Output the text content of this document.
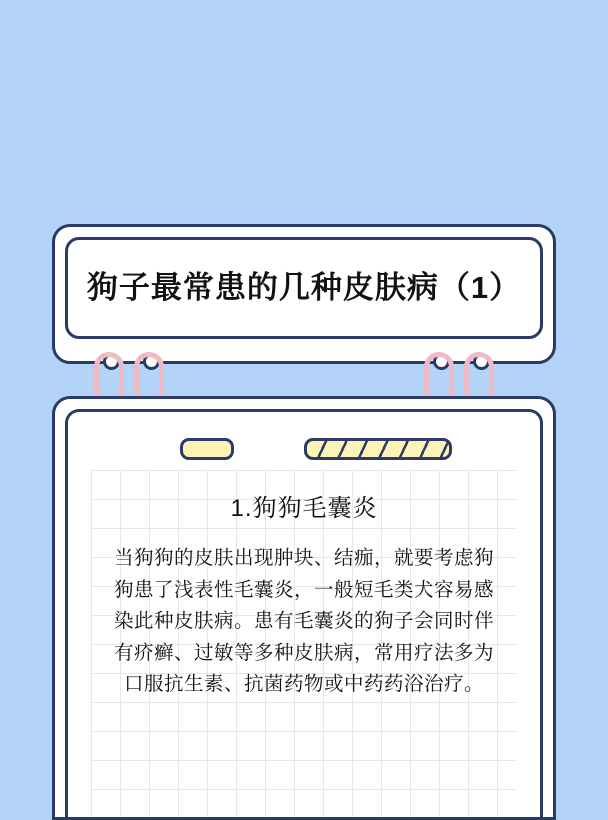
狗子最常患的几种皮肤病（1）
1.狗狗毛囊炎
当狗狗的皮肤出现肿块、结痂，就要考虑狗狗患了浅表性毛囊炎，一般短毛类犬容易感染此种皮肤病。患有毛囊炎的狗子会同时伴有疥癣、过敏等多种皮肤病，常用疗法多为口服抗生素、抗菌药物或中药药浴治疗。
